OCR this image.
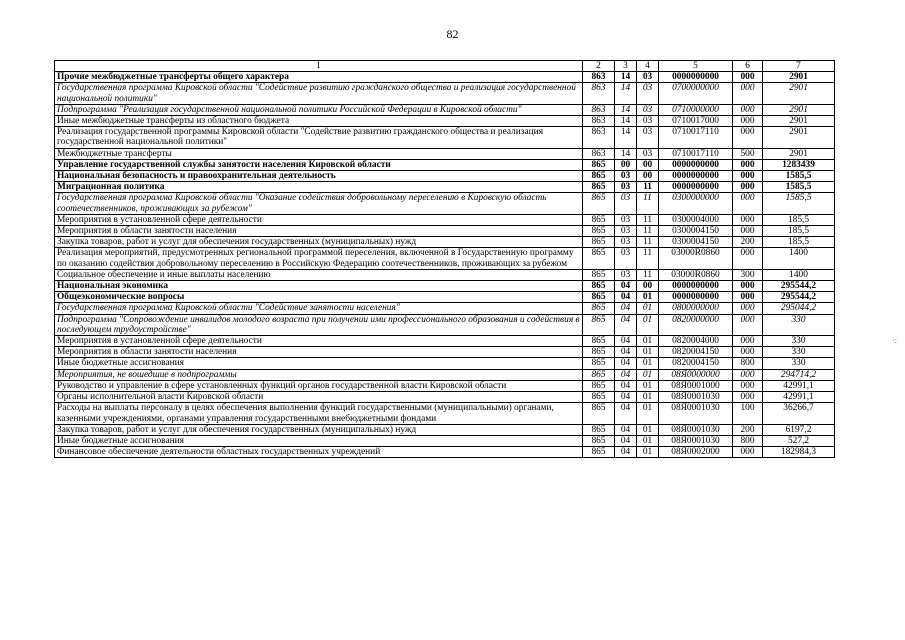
82
1	2	3	4	5	6	7
Прочие межбюджетные трансферты общего характера	863	14	03	0000000000	000	2901
Государственная программа Кировской области "Содействие развитию гражданского общества и реализация государственной национальной политики"	863	14	03	0700000000	000	2901
Подпрограмма "Реализация государственной национальной политики Российской Федерации в Кировской области"	863	14	03	0710000000	000	2901
Иные межбюджетные трансферты из областного бюджета	863	14	03	0710017000	000	2901
Реализация государственной программы Кировской области "Содействие развитию гражданского общества и реализация государственной национальной политики"	863	14	03	0710017110	000	2901
Межбюджетные трансферты	863	14	03	0710017110	500	2901
Управление государственной службы занятости населения Кировской области	865	00	00	0000000000	000	1283439
Национальная безопасность и правоохранительная деятельность	865	03	00	0000000000	000	1585,5
Миграционная политика	865	03	11	0000000000	000	1585,5
Государственная программа Кировской области "Оказание содействия добровольному переселению в Кировскую область соотечественников, проживающих за рубежом"	865	03	11	0300000000	000	1585,5
Мероприятия в установленной сфере деятельности	865	03	11	0300004000	000	185,5
Мероприятия в области занятости населения	865	03	11	0300004150	000	185,5
Закупка товаров, работ и услуг для обеспечения государственных (муниципальных) нужд	865	03	11	0300004150	200	185,5
Реализация мероприятий, предусмотренных региональной программой переселения, включенной в Государственную программу по оказанию содействия добровольному переселению в Российскую Федерацию соотечественников, проживающих за рубежом	865	03	11	03000R0860	000	1400
Социальное обеспечение и иные выплаты населению	865	03	11	03000R0860	300	1400
Национальная экономика	865	04	00	0000000000	000	295544,2
Общеэкономические вопросы	865	04	01	0000000000	000	295544,2
Государственная программа Кировской области "Содействие занятости населения"	865	04	01	0800000000	000	295044,2
Подпрограмма "Сопровождение инвалидов молодого возраста при получении ими профессионального образования и содействия в последующем трудоустройстве"	865	04	01	0820000000	000	330
Мероприятия в установленной сфере деятельности	865	04	01	0820004000	000	330
Мероприятия в области занятости населения	865	04	01	0820004150	000	330
Иные бюджетные ассигнования	865	04	01	0820004150	800	330
Мероприятия, не вошедшие в подпрограммы	865	04	01	08Я0000000	000	294714,2
Руководство и управление в сфере установленных функций органов государственной власти Кировской области	865	04	01	08Я0001000	000	42991,1
Органы исполнительной власти Кировской области	865	04	01	08Я0001030	000	42991,1
Расходы на выплаты персоналу в целях обеспечения выполнения функций государственными (муниципальными) органами, казенными учреждениями, органами управления государственными внебюджетными фондами	865	04	01	08Я0001030	100	36266,7
Закупка товаров, работ и услуг для обеспечения государственных (муниципальных) нужд	865	04	01	08Я0001030	200	6197,2
Иные бюджетные ассигнования	865	04	01	08Я0001030	800	527,2
Финансовое обеспечение деятельности областных государственных учреждений	865	04	01	08Я0002000	000	182984,3
·:
